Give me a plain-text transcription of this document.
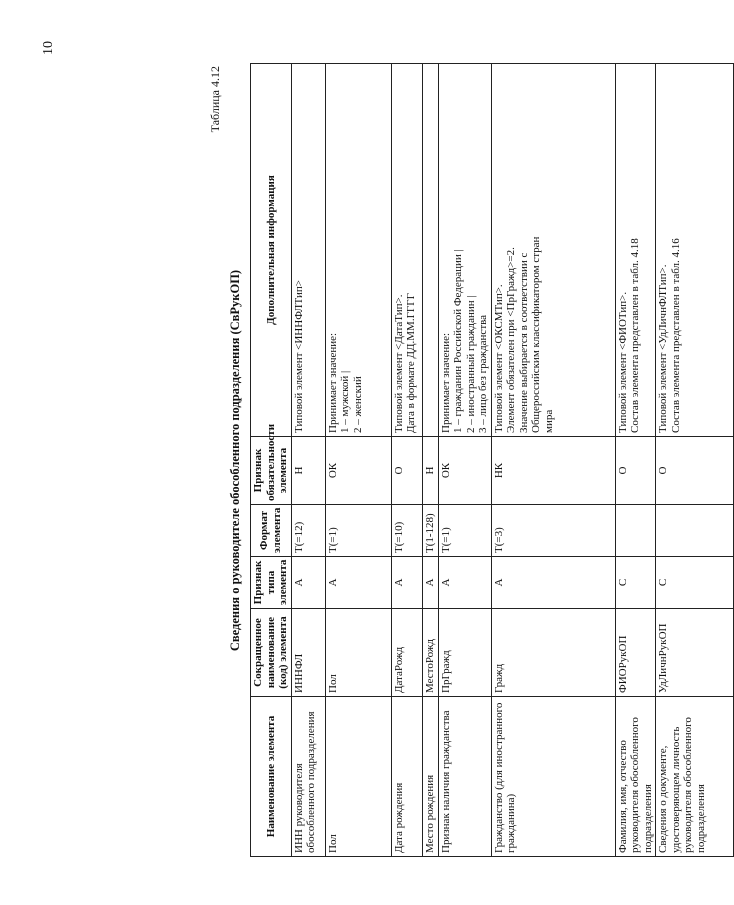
10
Таблица 4.12
Сведения о руководителе обособленного подразделения (СвРукОП)
Наименование элемента	Сокращенное наименование (код) элемента	Признак типа элемента	Формат элемента	Признак обязательности элемента	Дополнительная информация
ИНН руководителя обособленного подразделения	ИННФЛ	А	T(=12)	Н	Типовой элемент <ИННФЛТип>

Пол	Пол	А	T(=1)	ОК	Принимает значение: 1 – мужской | 2 – женский

Дата рождения	ДатаРожд	А	T(=10)	О	Типовой элемент <ДатаТип>. Дата в формате ДД.ММ.ГГГГ

Место рождения	МестоРожд	А	T(1-128)	Н	
Признак наличия гражданства	ПрГражд	А	T(=1)	ОК	Принимает значение: 1 – гражданин Российской Федерации | 2 – иностранный гражданин | 3 – лицо без гражданства

Гражданство (для иностранного гражданина)	Гражд	А	T(=3)	НК	Типовой элемент <ОКСМТип>. Элемент обязателен при <ПрГражд>=2. Значение выбирается в соответствии с Общероссийским классификатором стран мира

Фамилия, имя, отчество руководителя обособленного подразделения	ФИОРукОП	С		О	Типовой элемент <ФИОТип>. Состав элемента представлен в табл. 4.18

Сведения о документе, удостоверяющем личность руководителя обособленного подразделения	УдЛичнРукОП	С		О	Типовой элемент <УдЛичнФЛТип>. Состав элемента представлен в табл. 4.16
